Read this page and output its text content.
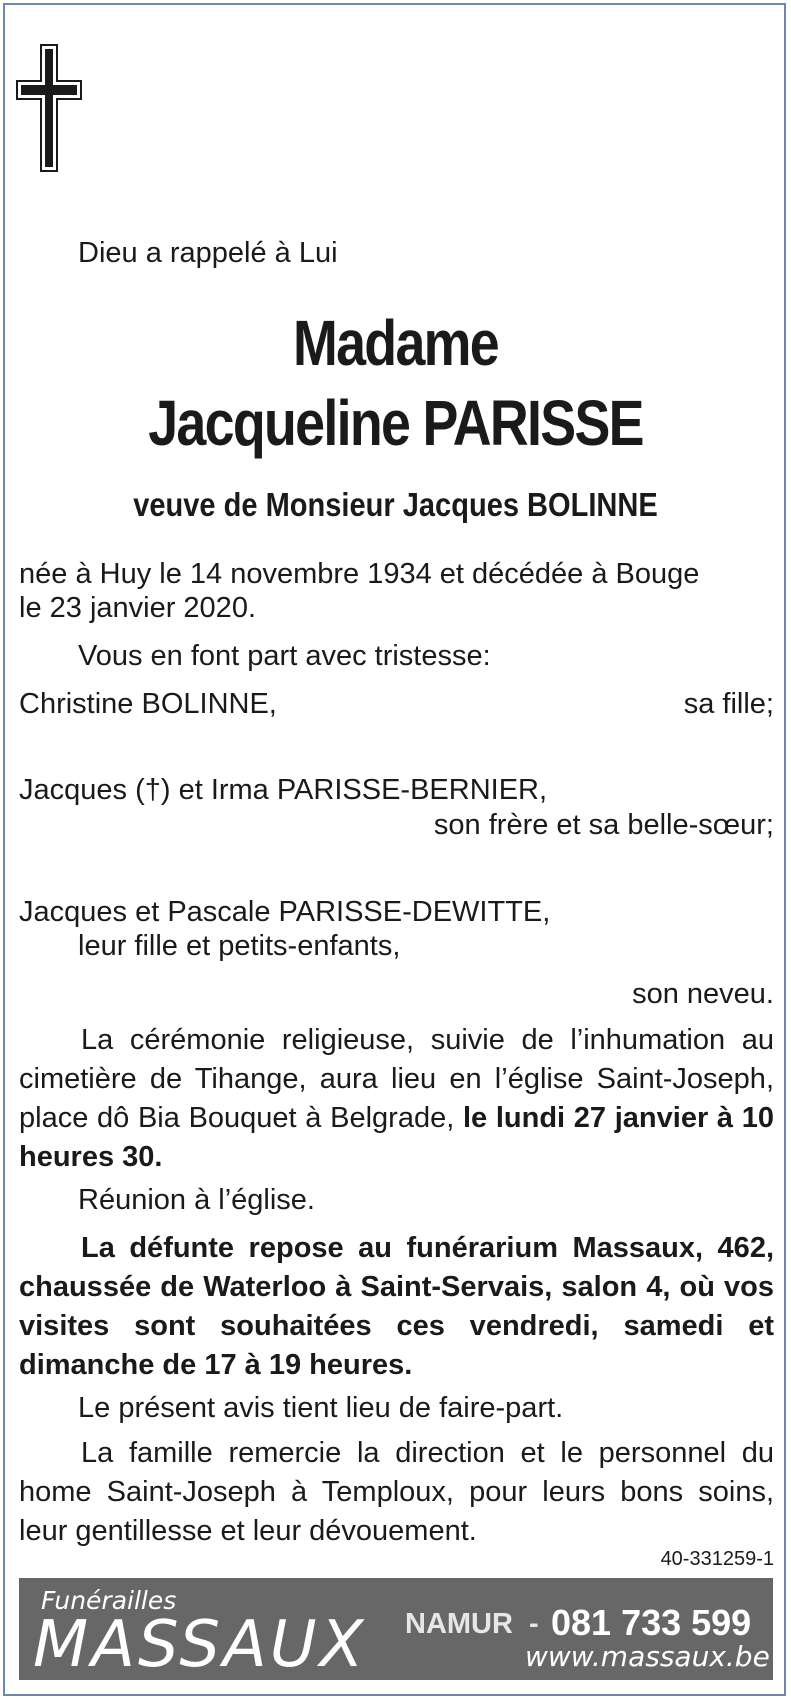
Dieu a rappelé à Lui
Madame
Jacqueline PARISSE
veuve de Monsieur Jacques BOLINNE
née à Huy le 14 novembre 1934 et décédée à Bouge
le 23 janvier 2020.
Vous en font part avec tristesse:
Christine BOLINNE,	sa fille;
Jacques (†) et Irma PARISSE-BERNIER,
son frère et sa belle-sœur;
Jacques et Pascale PARISSE-DEWITTE,
leur fille et petits-enfants,
son neveu.
La cérémonie religieuse, suivie de l’inhumation au cimetière de Tihange, aura lieu en l’église Saint-Joseph, place dô Bia Bouquet à Belgrade, le lundi 27 janvier à 10 heures 30.
Réunion à l’église.
La défunte repose au funérarium Massaux, 462, chaussée de Waterloo à Saint-Servais, salon 4, où vos visites sont souhaitées ces vendredi, samedi et dimanche de 17 à 19 heures.
Le présent avis tient lieu de faire-part.
La famille remercie la direction et le personnel du home Saint-Joseph à Temploux, pour leurs bons soins, leur gentillesse et leur dévouement.
40-331259-1
Funérailles
MASSAUX NAMUR - 081 733 599
www.massaux.be
